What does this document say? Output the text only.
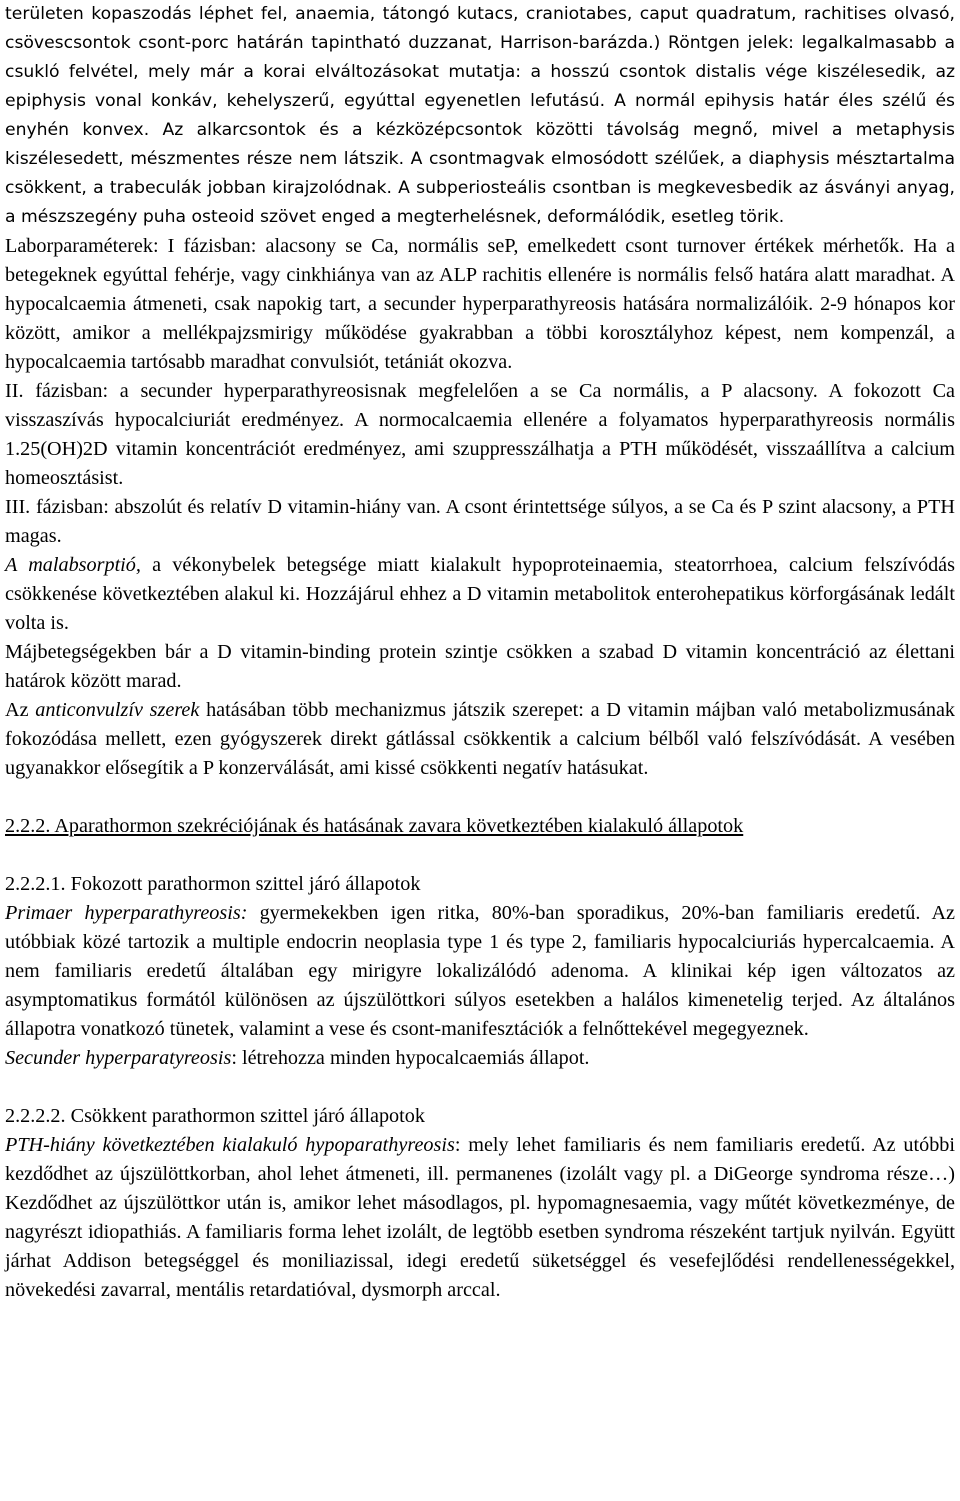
területen kopaszodás léphet fel, anaemia, tátongó kutacs, craniotabes, caput quadratum, rachitises olvasó, csövescsontok csont-porc határán tapintható duzzanat, Harrison-barázda.) Röntgen jelek: legalkalmasabb a csukló felvétel, mely már a korai elváltozásokat mutatja: a hosszú csontok distalis vége kiszélesedik, az epiphysis vonal konkáv, kehelyszerű, egyúttal egyenetlen lefutású. A normál epihysis határ éles szélű és enyhén konvex. Az alkarcsontok és a kézközépcsontok közötti távolság megnő, mivel a metaphysis kiszélesedett, mészmentes része nem látszik. A csontmagvak elmosódott szélűek, a diaphysis mésztartalma csökkent, a trabeculák jobban kirajzolódnak. A subperiosteális csontban is megkevesbedik az ásványi anyag, a mészszegény puha osteoid szövet enged a megterhelésnek, deformálódik, esetleg törik.

Laborparaméterek: I fázisban: alacsony se Ca, normális seP, emelkedett csont turnover értékek mérhetők. Ha a betegeknek egyúttal fehérje, vagy cinkhiánya van az ALP rachitis ellenére is normális felső határa alatt maradhat. A hypocalcaemia átmeneti, csak napokig tart, a secunder hyperparathyreosis hatására normalizálóik. 2-9 hónapos kor között, amikor a mellékpajzsmirigy működése gyakrabban a többi korosztályhoz képest, nem kompenzál, a hypocalcaemia tartósabb maradhat convulsiót, tetániát okozva.

II. fázisban: a secunder hyperparathyreosisnak megfelelően a se Ca normális, a P alacsony. A fokozott Ca visszaszívás hypocalciuriát eredményez. A normocalcaemia ellenére a folyamatos hyperparathyreosis normális 1.25(OH)2D vitamin koncentrációt eredményez, ami szuppresszálhatja a PTH működését, visszaállítva a calcium homeosztásist.

III. fázisban: abszolút és relatív D vitamin-hiány van. A csont érintettsége súlyos, a se Ca és P szint alacsony, a PTH magas.

A malabsorptió, a vékonybelek betegsége miatt kialakult hypoproteinaemia, steatorrhoea, calcium felszívódás csökkenése következtében alakul ki. Hozzájárul ehhez a D vitamin metabolitok enterohepatikus körforgásának ledált volta is.

Májbetegségekben bár a D vitamin-binding protein szintje csökken a szabad D vitamin koncentráció az élettani határok között marad.

Az anticonvulzív szerek hatásában több mechanizmus játszik szerepet: a D vitamin májban való metabolizmusának fokozódása mellett, ezen gyógyszerek direkt gátlással csökkentik a calcium bélből való felszívódását. A vesében ugyanakkor elősegítik a P konzerválását, ami kissé csökkenti negatív hatásukat.

2.2.2. Aparathormon szekréciójának és hatásának zavara következtében kialakuló állapotok

2.2.2.1. Fokozott parathormon szittel járó állapotok

Primaer hyperparathyreosis: gyermekekben igen ritka, 80%-ban sporadikus, 20%-ban familiaris eredetű. Az utóbbiak közé tartozik a multiple endocrin neoplasia type 1 és type 2, familiaris hypocalciuriás hypercalcaemia. A nem familiaris eredetű általában egy mirigyre lokalizálódó adenoma. A klinikai kép igen változatos az asymptomatikus formától különösen az újszülöttkori súlyos esetekben a halálos kimenetelig terjed. Az általános állapotra vonatkozó tünetek, valamint a vese és csont-manifesztációk a felnőttekével megegyeznek.

Secunder hyperparatyreosis: létrehozza minden hypocalcaemiás állapot.

2.2.2.2. Csökkent parathormon szittel járó állapotok

PTH-hiány következtében kialakuló hypoparathyreosis: mely lehet familiaris és nem familiaris eredetű. Az utóbbi kezdődhet az újszülöttkorban, ahol lehet átmeneti, ill. permanenes (izolált vagy pl. a DiGeorge syndroma része…) Kezdődhet az újszülöttkor után is, amikor lehet másodlagos, pl. hypomagnesaemia, vagy műtét következménye, de nagyrészt idiopathiás. A familiaris forma lehet izolált, de legtöbb esetben syndroma részeként tartjuk nyilván. Együtt járhat Addison betegséggel és moniliazissal, idegi eredetű süketséggel és vesefejlődési rendellenességekkel, növekedési zavarral, mentális retardatióval, dysmorph arccal.
